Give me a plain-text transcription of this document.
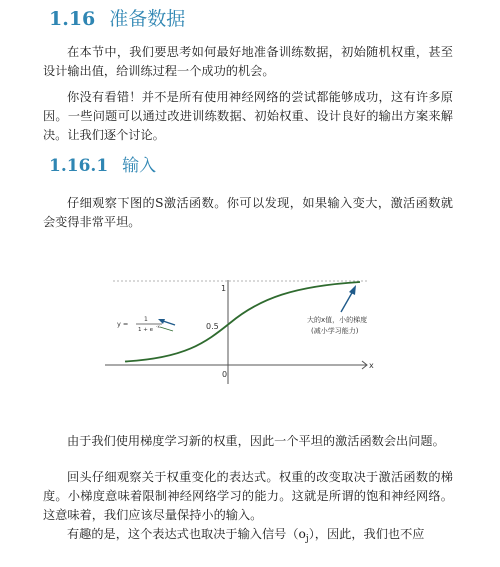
1.16 准备数据

在本节中，我们要思考如何最好地准备训练数据，初始随机权重，甚至设计输出值，给训练过程一个成功的机会。

你没有看错！并不是所有使用神经网络的尝试都能够成功，这有许多原因。一些问题可以通过改进训练数据、初始权重、设计良好的输出方案来解决。让我们逐个讨论。

1.16.1 输入

仔细观察下图的S激活函数。你可以发现，如果输入变大，激活函数就会变得非常平坦。

1
0.5
0
x
y =
1
1 + e
-x
大的x值，小的梯度
(减小学习能力)

由于我们使用梯度学习新的权重，因此一个平坦的激活函数会出问题。

回头仔细观察关于权重变化的表达式。权重的改变取决于激活函数的梯度。小梯度意味着限制神经网络学习的能力。这就是所谓的饱和神经网络。这意味着，我们应该尽量保持小的输入。

有趣的是，这个表达式也取决于输入信号$(o_j)$，因此，我们也不应
